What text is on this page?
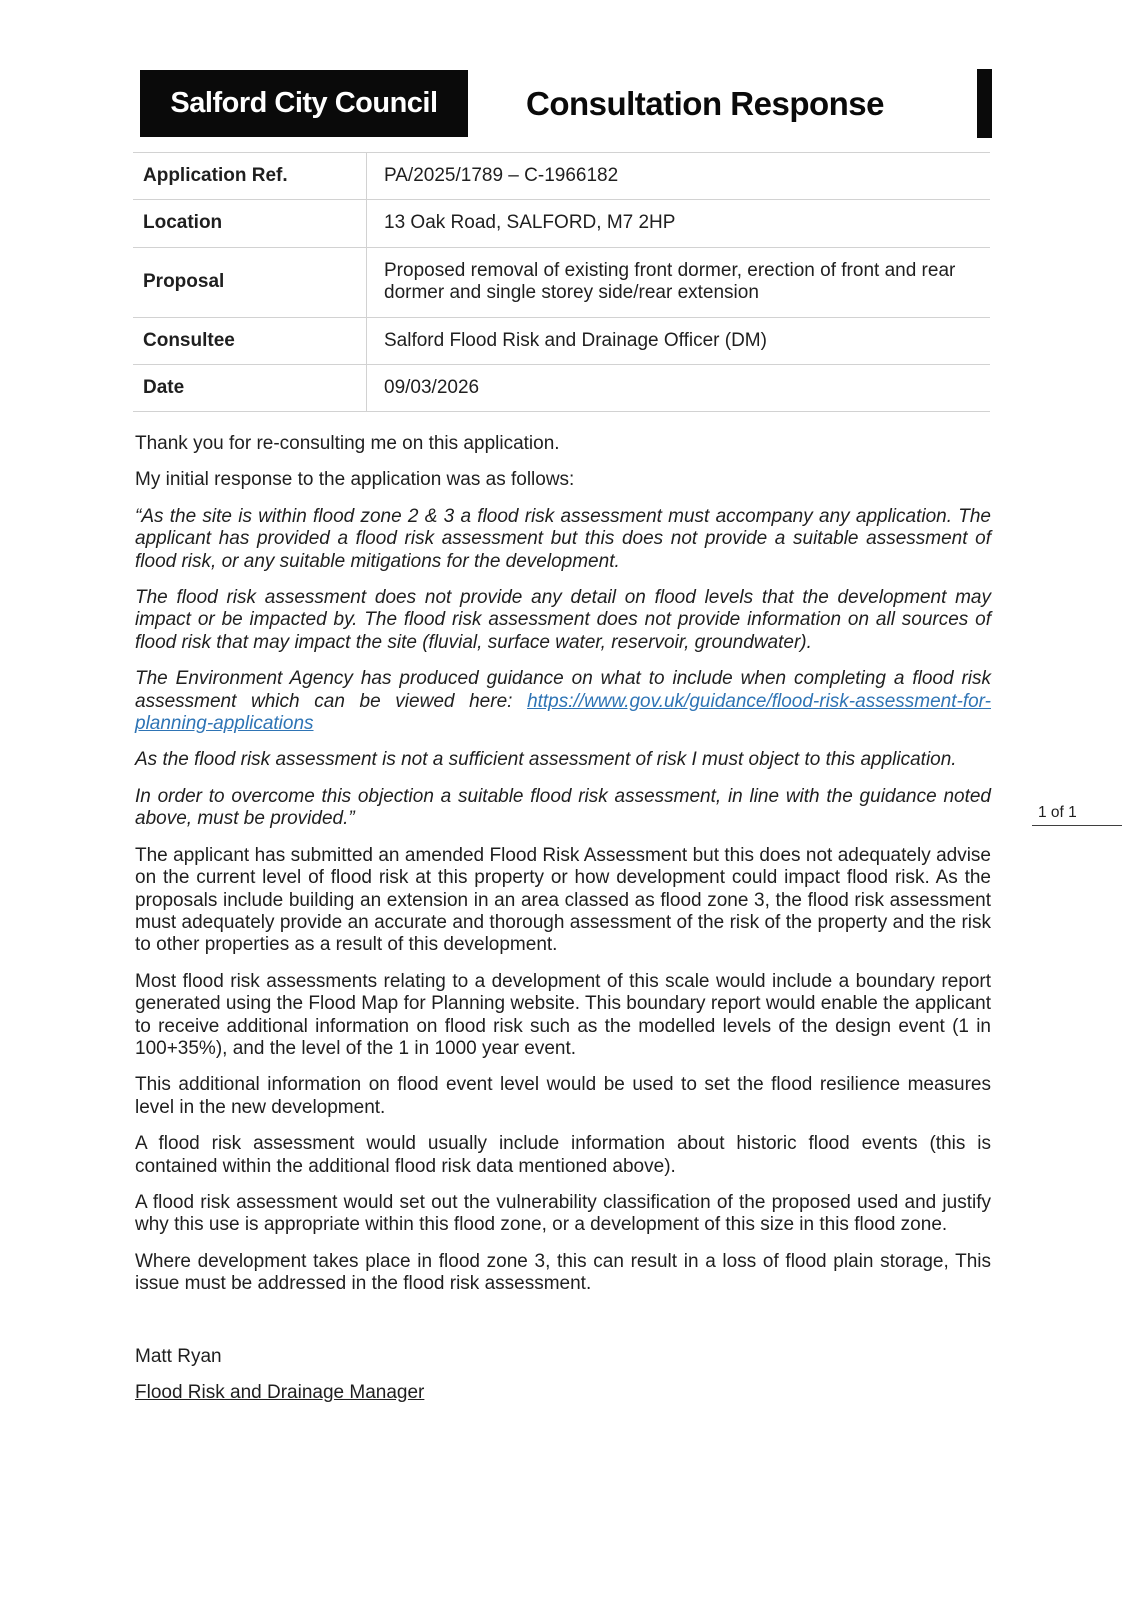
Salford City Council	Consultation Response
Application Ref.	PA/2025/1789 – C-1966182
Location	13 Oak Road, SALFORD, M7 2HP
Proposal	Proposed removal of existing front dormer, erection of front and rear dormer and single storey side/rear extension
Consultee	Salford Flood Risk and Drainage Officer (DM)
Date	09/03/2026
1 of 1

Thank you for re-consulting me on this application.

My initial response to the application was as follows:

“As the site is within flood zone 2 & 3 a flood risk assessment must accompany any application. The applicant has provided a flood risk assessment but this does not provide a suitable assessment of flood risk, or any suitable mitigations for the development.

The flood risk assessment does not provide any detail on flood levels that the development may impact or be impacted by. The flood risk assessment does not provide information on all sources of flood risk that may impact the site (fluvial, surface water, reservoir, groundwater).

The Environment Agency has produced guidance on what to include when completing a flood risk assessment which can be viewed here: https://www.gov.uk/guidance/flood-risk-assessment-for-planning-applications

As the flood risk assessment is not a sufficient assessment of risk I must object to this application.

In order to overcome this objection a suitable flood risk assessment, in line with the guidance noted above, must be provided.”

The applicant has submitted an amended Flood Risk Assessment but this does not adequately advise on the current level of flood risk at this property or how development could impact flood risk. As the proposals include building an extension in an area classed as flood zone 3, the flood risk assessment must adequately provide an accurate and thorough assessment of the risk of the property and the risk to other properties as a result of this development.

Most flood risk assessments relating to a development of this scale would include a boundary report generated using the Flood Map for Planning website. This boundary report would enable the applicant to receive additional information on flood risk such as the modelled levels of the design event (1 in 100+35%), and the level of the 1 in 1000 year event.

This additional information on flood event level would be used to set the flood resilience measures level in the new development.

A flood risk assessment would usually include information about historic flood events (this is contained within the additional flood risk data mentioned above).

A flood risk assessment would set out the vulnerability classification of the proposed used and justify why this use is appropriate within this flood zone, or a development of this size in this flood zone.

Where development takes place in flood zone 3, this can result in a loss of flood plain storage, This issue must be addressed in the flood risk assessment.

Matt Ryan

Flood Risk and Drainage Manager
